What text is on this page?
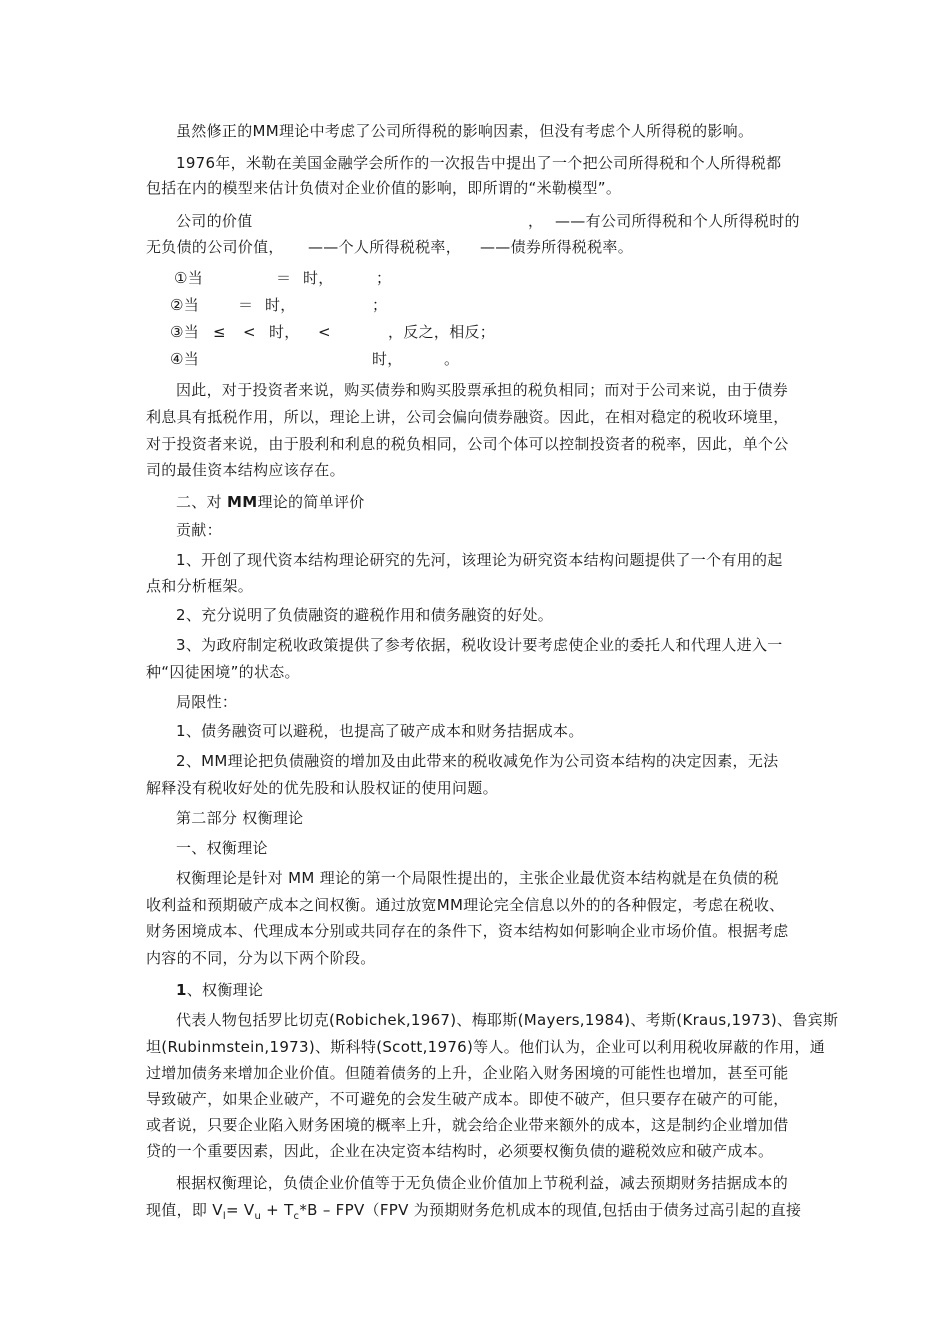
虽然修正的MM理论中考虑了公司所得税的影响因素，但没有考虑个人所得税的影响。
1976年，米勒在美国金融学会所作的一次报告中提出了一个把公司所得税和个人所得税都
包括在内的模型来估计负债对企业价值的影响，即所谓的“米勒模型”。
公司的价值	， ——有公司所得税和个人所得税时的
无负债的公司价值， ——个人所得税税率， ——债券所得税税率。
①当	＝ 时，	；
②当	＝ 时，	；
③当 ≤ < 时， <	，反之，相反；
④当	时，	。
因此，对于投资者来说，购买债券和购买股票承担的税负相同；而对于公司来说，由于债券
利息具有抵税作用，所以，理论上讲，公司会偏向债券融资。因此，在相对稳定的税收环境里，
对于投资者来说，由于股利和利息的税负相同，公司个体可以控制投资者的税率，因此，单个公
司的最佳资本结构应该存在。
二、对 MM理论的简单评价
贡献：
1、开创了现代资本结构理论研究的先河，该理论为研究资本结构问题提供了一个有用的起
点和分析框架。
2、充分说明了负债融资的避税作用和债务融资的好处。
3、为政府制定税收政策提供了参考依据，税收设计要考虑使企业的委托人和代理人进入一
种“囚徒困境”的状态。
局限性：
1、债务融资可以避税，也提高了破产成本和财务拮据成本。
2、MM理论把负债融资的增加及由此带来的税收减免作为公司资本结构的决定因素，无法
解释没有税收好处的优先股和认股权证的使用问题。
第二部分 权衡理论
一、权衡理论
权衡理论是针对 MM 理论的第一个局限性提出的，主张企业最优资本结构就是在负债的税
收利益和预期破产成本之间权衡。通过放宽MM理论完全信息以外的的各种假定，考虑在税收、
财务困境成本、代理成本分别或共同存在的条件下，资本结构如何影响企业市场价值。根据考虑
内容的不同，分为以下两个阶段。
1、权衡理论
代表人物包括罗比切克(Robichek,1967)、梅耶斯(Mayers,1984)、考斯(Kraus,1973)、鲁宾斯
坦(Rubinmstein,1973)、斯科特(Scott,1976)等人。他们认为，企业可以利用税收屏蔽的作用，通
过增加债务来增加企业价值。但随着债务的上升，企业陷入财务困境的可能性也增加，甚至可能
导致破产，如果企业破产，不可避免的会发生破产成本。即使不破产，但只要存在破产的可能，
或者说，只要企业陷入财务困境的概率上升，就会给企业带来额外的成本，这是制约企业增加借
贷的一个重要因素，因此，企业在决定资本结构时，必须要权衡负债的避税效应和破产成本。
根据权衡理论，负债企业价值等于无负债企业价值加上节税利益，减去预期财务拮据成本的
现值，即 $V_l= V_u + T_c*B - FPV(FPV$ 为预期财务危机成本的现值,包括由于债务过高引起的直接
